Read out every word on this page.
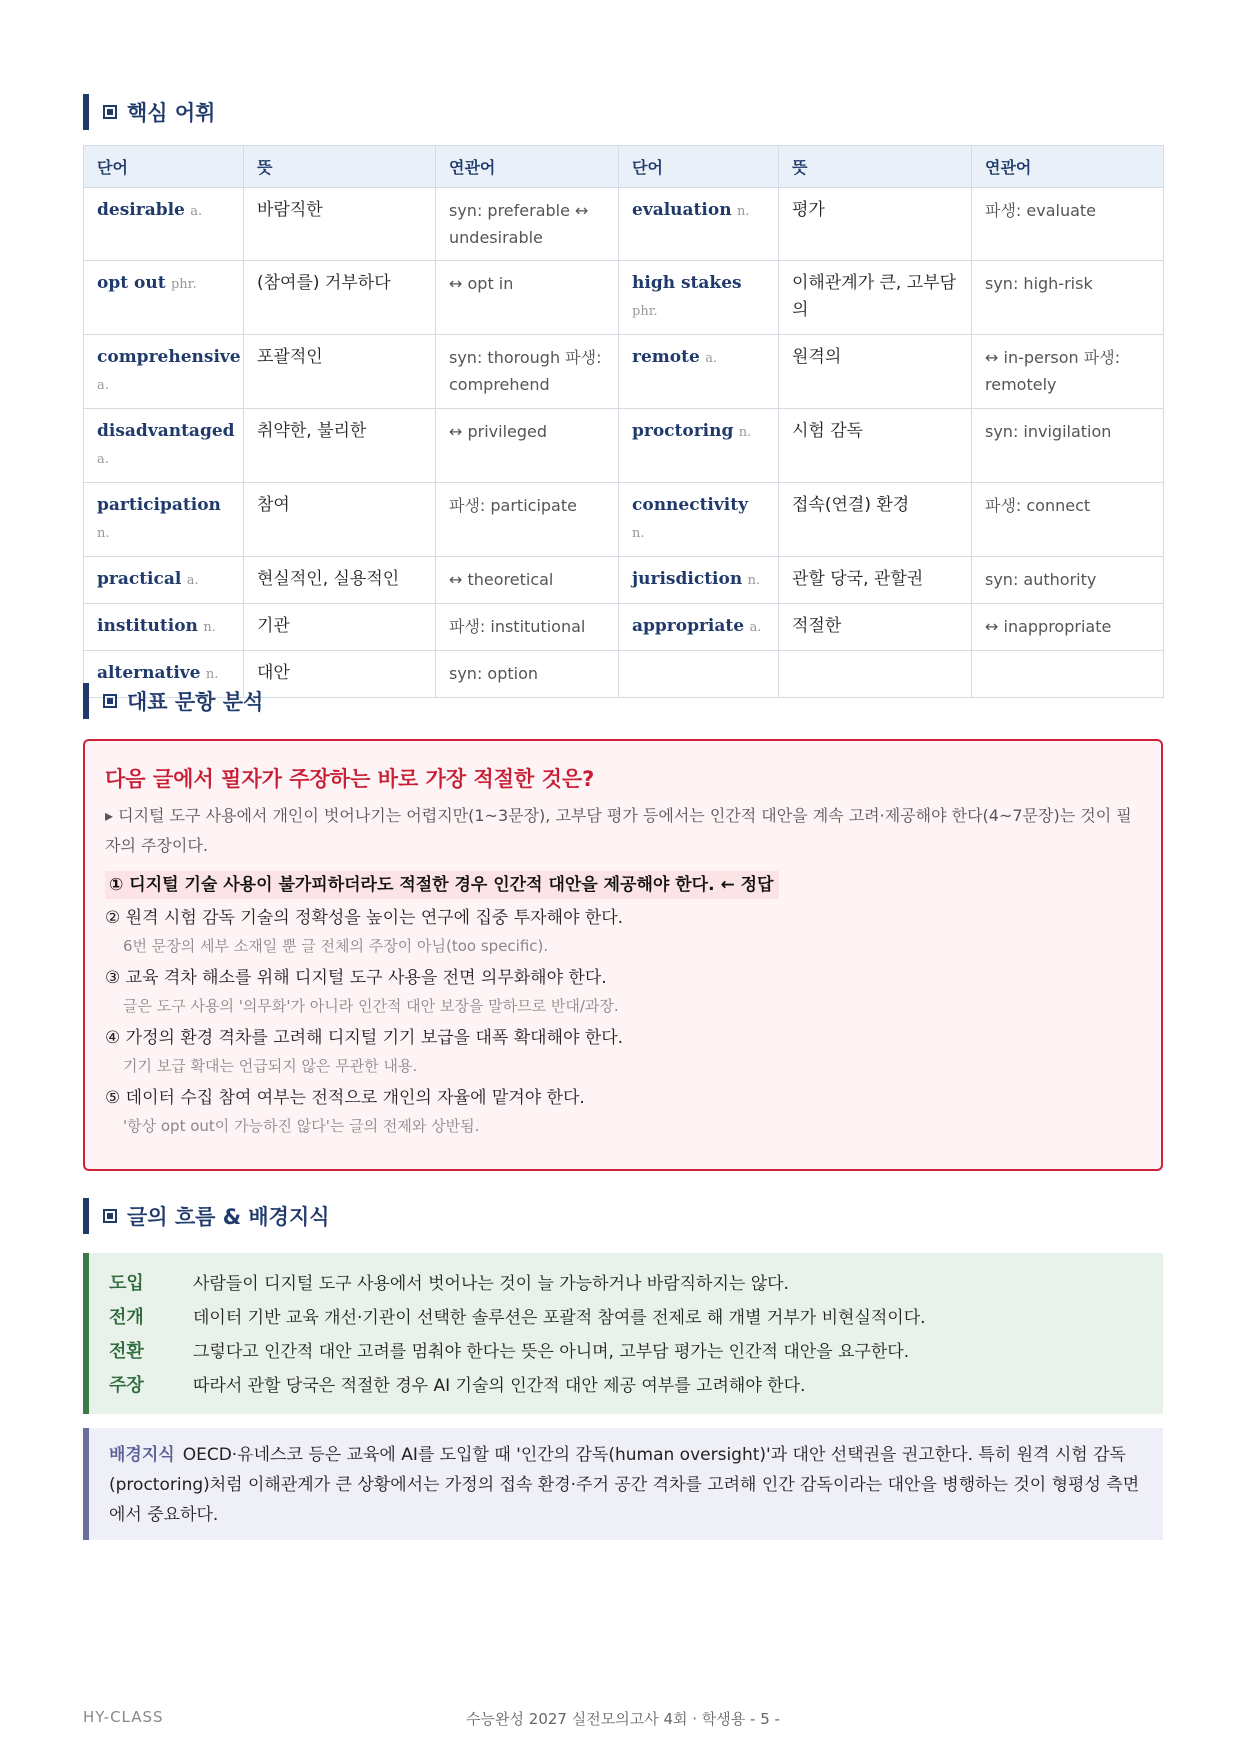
핵심 어휘
단어	뜻	연관어	단어	뜻	연관어
desirable a.	바람직한	syn: preferable ↔ undesirable	evaluation n.	평가	파생: evaluate
opt out phr.	(참여를) 거부하다	↔ opt in	high stakes phr.	이해관계가 큰, 고부담의	syn: high-risk
comprehensive a.	포괄적인	syn: thorough 파생: comprehend	remote a.	원격의	↔ in-person 파생: remotely
disadvantaged a.	취약한, 불리한	↔ privileged	proctoring n.	시험 감독	syn: invigilation
participation n.	참여	파생: participate	connectivity n.	접속(연결) 환경	파생: connect
practical a.	현실적인, 실용적인	↔ theoretical	jurisdiction n.	관할 당국, 관할권	syn: authority
institution n.	기관	파생: institutional	appropriate a.	적절한	↔ inappropriate
alternative n.	대안	syn: option			
대표 문항 분석
다음 글에서 필자가 주장하는 바로 가장 적절한 것은?
▸ 디지털 도구 사용에서 개인이 벗어나기는 어렵지만(1~3문장), 고부담 평가 등에서는 인간적 대안을 계속 고려·제공해야 한다(4~7문장)는 것이 필자의 주장이다.
① 디지털 기술 사용이 불가피하더라도 적절한 경우 인간적 대안을 제공해야 한다. ← 정답
② 원격 시험 감독 기술의 정확성을 높이는 연구에 집중 투자해야 한다.
6번 문장의 세부 소재일 뿐 글 전체의 주장이 아님(too specific).
③ 교육 격차 해소를 위해 디지털 도구 사용을 전면 의무화해야 한다.
글은 도구 사용의 '의무화'가 아니라 인간적 대안 보장을 말하므로 반대/과장.
④ 가정의 환경 격차를 고려해 디지털 기기 보급을 대폭 확대해야 한다.
기기 보급 확대는 언급되지 않은 무관한 내용.
⑤ 데이터 수집 참여 여부는 전적으로 개인의 자율에 맡겨야 한다.
'항상 opt out이 가능하진 않다'는 글의 전제와 상반됨.
글의 흐름 & 배경지식
도입	사람들이 디지털 도구 사용에서 벗어나는 것이 늘 가능하거나 바람직하지는 않다.
전개	데이터 기반 교육 개선·기관이 선택한 솔루션은 포괄적 참여를 전제로 해 개별 거부가 비현실적이다.
전환	그렇다고 인간적 대안 고려를 멈춰야 한다는 뜻은 아니며, 고부담 평가는 인간적 대안을 요구한다.
주장	따라서 관할 당국은 적절한 경우 AI 기술의 인간적 대안 제공 여부를 고려해야 한다.
배경지식 OECD·유네스코 등은 교육에 AI를 도입할 때 '인간의 감독(human oversight)'과 대안 선택권을 권고한다. 특히 원격 시험 감독(proctoring)처럼 이해관계가 큰 상황에서는 가정의 접속 환경·주거 공간 격차를 고려해 인간 감독이라는 대안을 병행하는 것이 형평성 측면에서 중요하다.
HY-CLASS	수능완성 2027 실전모의고사 4회 · 학생용 - 5 -
